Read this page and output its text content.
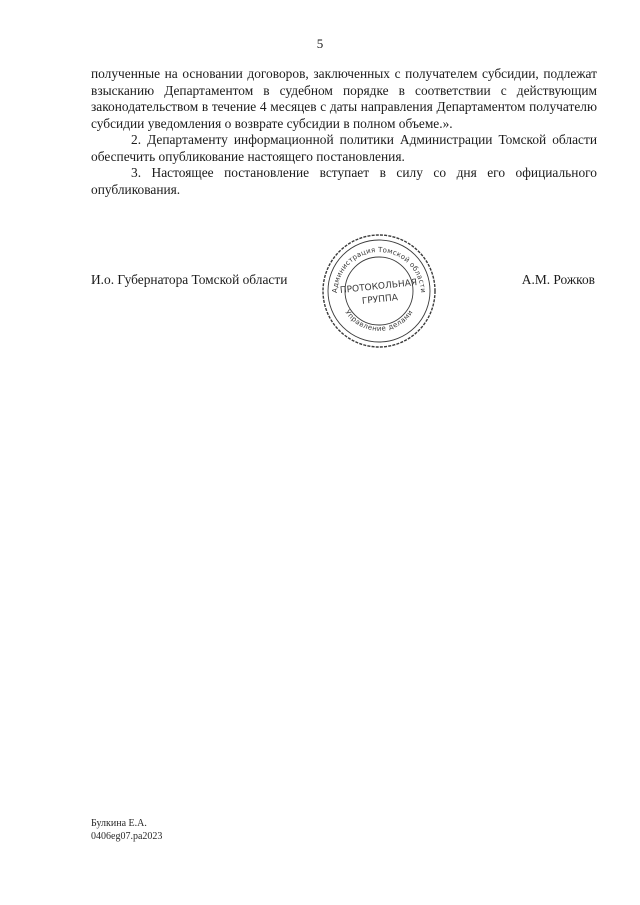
5

полученные на основании договоров, заключенных с получателем субсидии, подлежат взысканию Департаментом в судебном порядке в соответствии с действующим законодательством в течение 4 месяцев с даты направления Департаментом получателю субсидии уведомления о возврате субсидии в полном объеме.».

2. Департаменту информационной политики Администрации Томской области обеспечить опубликование настоящего постановления.

3. Настоящее постановление вступает в силу со дня его официального опубликования.

И.о. Губернатора Томской области	А.М. Рожков
Администрация Томской области
Управление делами
ПРОТОКОЛЬНАЯ
ГРУППА
Булкина Е.А.
0406eg07.pa2023
